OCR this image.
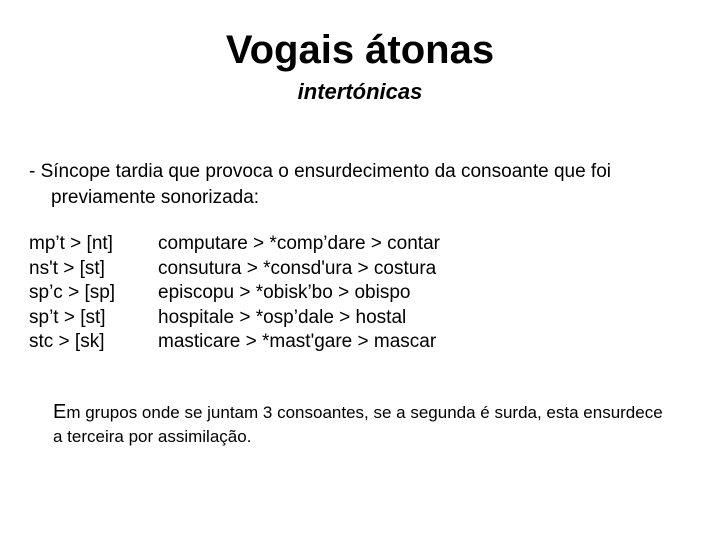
Vogais átonas
intertónicas
- Síncope tardia que provoca o ensurdecimento da consoante que foi
previamente sonorizada:
mp’t > [nt]
ns't > [st]
sp’c > [sp]
sp’t > [st]
stc > [sk]
computare > *comp’dare > contar
consutura > *consd'ura > costura
episcopu > *obisk’bo > obispo
hospitale > *osp’dale > hostal
masticare > *mast'gare > mascar
Em grupos onde se juntam 3 consoantes, se a segunda é surda, esta ensurdece
a terceira por assimilação.
